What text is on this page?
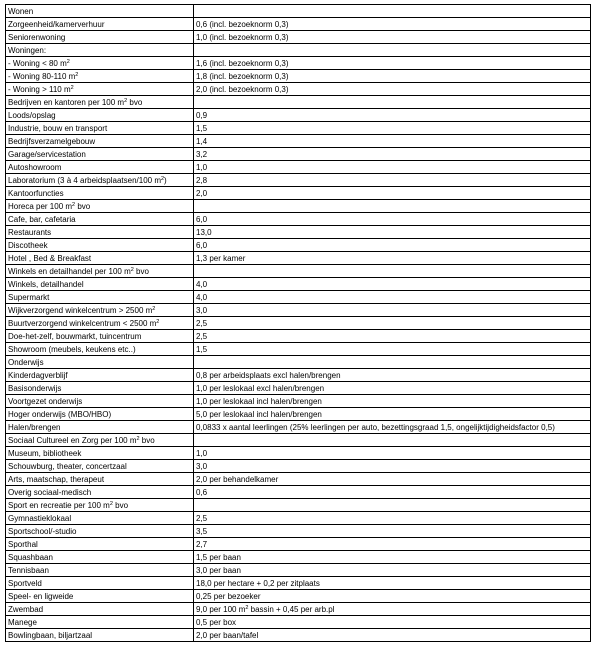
Wonen	
Zorgeenheid/kamerverhuur	0,6 (incl. bezoeknorm 0,3)
Seniorenwoning	1,0 (incl. bezoeknorm 0,3)
Woningen:	
- Woning < 80 $m^2$	1,6 (incl. bezoeknorm 0,3)
- Woning 80-110 $m^2$	1,8 (incl. bezoeknorm 0,3)
- Woning > 110 $m^2$	2,0 (incl. bezoeknorm 0,3)
Bedrijven en kantoren per 100 $m^2$ bvo	
Loods/opslag	0,9
Industrie, bouw en transport	1,5
Bedrijfsverzamelgebouw	1,4
Garage/servicestation	3,2
Autoshowroom	1,0
Laboratorium (3 à 4 arbeidsplaatsen/100 $m^2$)	2,8
Kantoorfuncties	2,0
Horeca per 100 $m^2$ bvo	
Cafe, bar, cafetaria	6,0
Restaurants	13,0
Discotheek	6,0
Hotel , Bed & Breakfast	1,3 per kamer
Winkels en detailhandel per 100 $m^2$ bvo	
Winkels, detailhandel	4,0
Supermarkt	4,0
Wijkverzorgend winkelcentrum > 2500 $m^2$	3,0
Buurtverzorgend winkelcentrum < 2500 $m^2$	2,5
Doe-het-zelf, bouwmarkt, tuincentrum	2,5
Showroom (meubels, keukens etc..)	1,5
Onderwijs	
Kinderdagverblijf	0,8 per arbeidsplaats excl halen/brengen
Basisonderwijs	1,0 per leslokaal excl halen/brengen
Voortgezet onderwijs	1,0 per leslokaal incl halen/brengen
Hoger onderwijs (MBO/HBO)	5,0 per leslokaal incl halen/brengen
Halen/brengen	0,0833 x aantal leerlingen (25% leerlingen per auto, bezettingsgraad 1,5, ongelijktijdigheidsfactor 0,5)
Sociaal Cultureel en Zorg per 100 $m^2$ bvo	
Museum, bibliotheek	1,0
Schouwburg, theater, concertzaal	3,0
Arts, maatschap, therapeut	2,0 per behandelkamer
Overig sociaal-medisch	0,6
Sport en recreatie per 100 $m^2$ bvo	
Gymnastieklokaal	2,5
Sportschool/-studio	3,5
Sporthal	2,7
Squashbaan	1,5 per baan
Tennisbaan	3,0 per baan
Sportveld	18,0 per hectare + 0,2 per zitplaats
Speel- en ligweide	0,25 per bezoeker
Zwembad	9,0 per 100 $m^2$ bassin + 0,45 per arb.pl
Manege	0,5 per box
Bowlingbaan, biljartzaal	2,0 per baan/tafel
